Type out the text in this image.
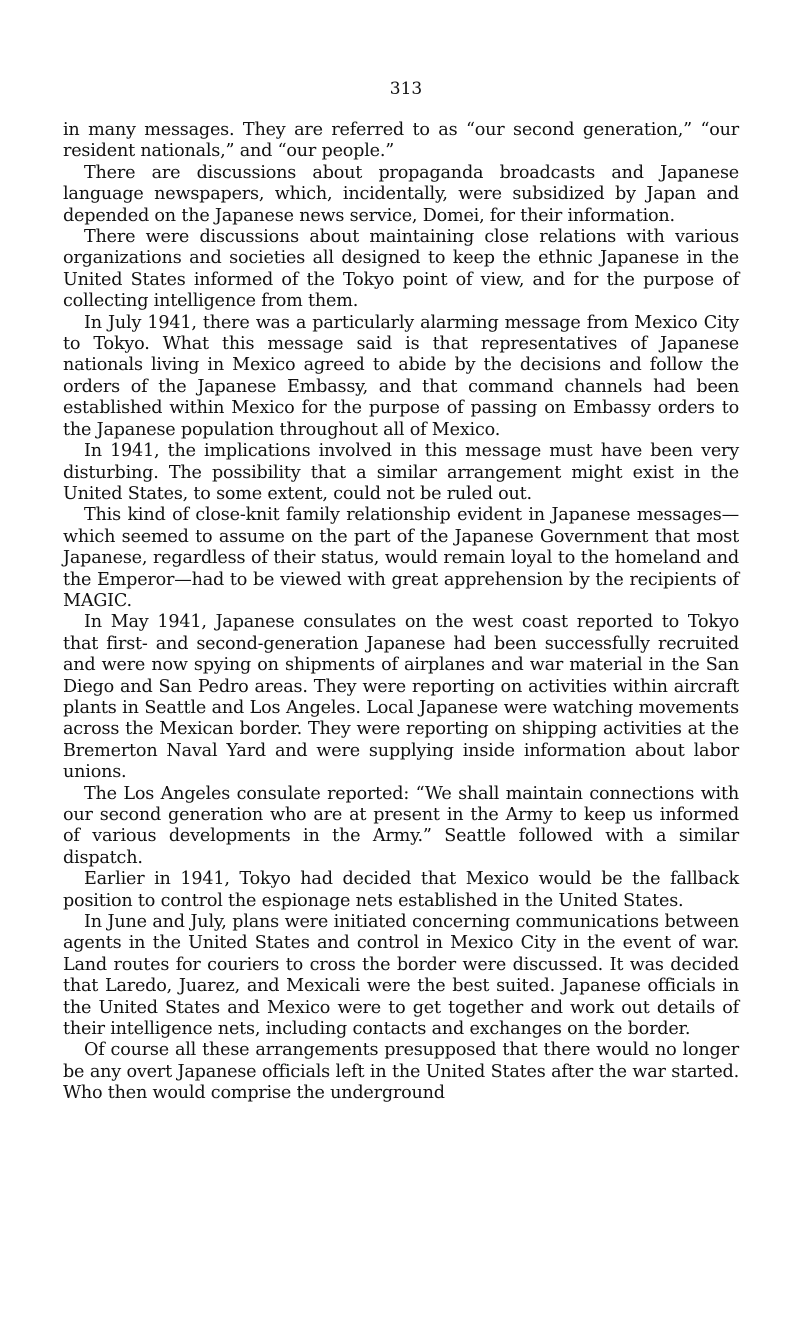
313

in many messages. They are referred to as “our second generation,” “our resident nationals,” and “our people.”

There are discussions about propaganda broadcasts and Japanese language newspapers, which, incidentally, were subsidized by Japan and depended on the Japanese news service, Domei, for their information.

There were discussions about maintaining close relations with various organizations and societies all designed to keep the ethnic Japanese in the United States informed of the Tokyo point of view, and for the purpose of collecting intelligence from them.

In July 1941, there was a particularly alarming message from Mexico City to Tokyo. What this message said is that representatives of Japanese nationals living in Mexico agreed to abide by the decisions and follow the orders of the Japanese Embassy, and that command channels had been established within Mexico for the purpose of passing on Embassy orders to the Japanese population throughout all of Mexico.

In 1941, the implications involved in this message must have been very disturbing. The possibility that a similar arrangement might exist in the United States, to some extent, could not be ruled out.

This kind of close-knit family relationship evident in Japanese messages—which seemed to assume on the part of the Japanese Government that most Japanese, regardless of their status, would remain loyal to the homeland and the Emperor—had to be viewed with great apprehension by the recipients of MAGIC.

In May 1941, Japanese consulates on the west coast reported to Tokyo that first- and second-generation Japanese had been successfully recruited and were now spying on shipments of airplanes and war material in the San Diego and San Pedro areas. They were reporting on activities within aircraft plants in Seattle and Los Angeles. Local Japanese were watching movements across the Mexican border. They were reporting on shipping activities at the Bremerton Naval Yard and were supplying inside information about labor unions.

The Los Angeles consulate reported: “We shall maintain connections with our second generation who are at present in the Army to keep us informed of various developments in the Army.” Seattle followed with a similar dispatch.

Earlier in 1941, Tokyo had decided that Mexico would be the fallback position to control the espionage nets established in the United States.

In June and July, plans were initiated concerning communications between agents in the United States and control in Mexico City in the event of war. Land routes for couriers to cross the border were discussed. It was decided that Laredo, Juarez, and Mexicali were the best suited. Japanese officials in the United States and Mexico were to get together and work out details of their intelligence nets, including contacts and exchanges on the border.

Of course all these arrangements presupposed that there would no longer be any overt Japanese officials left in the United States after the war started. Who then would comprise the underground
